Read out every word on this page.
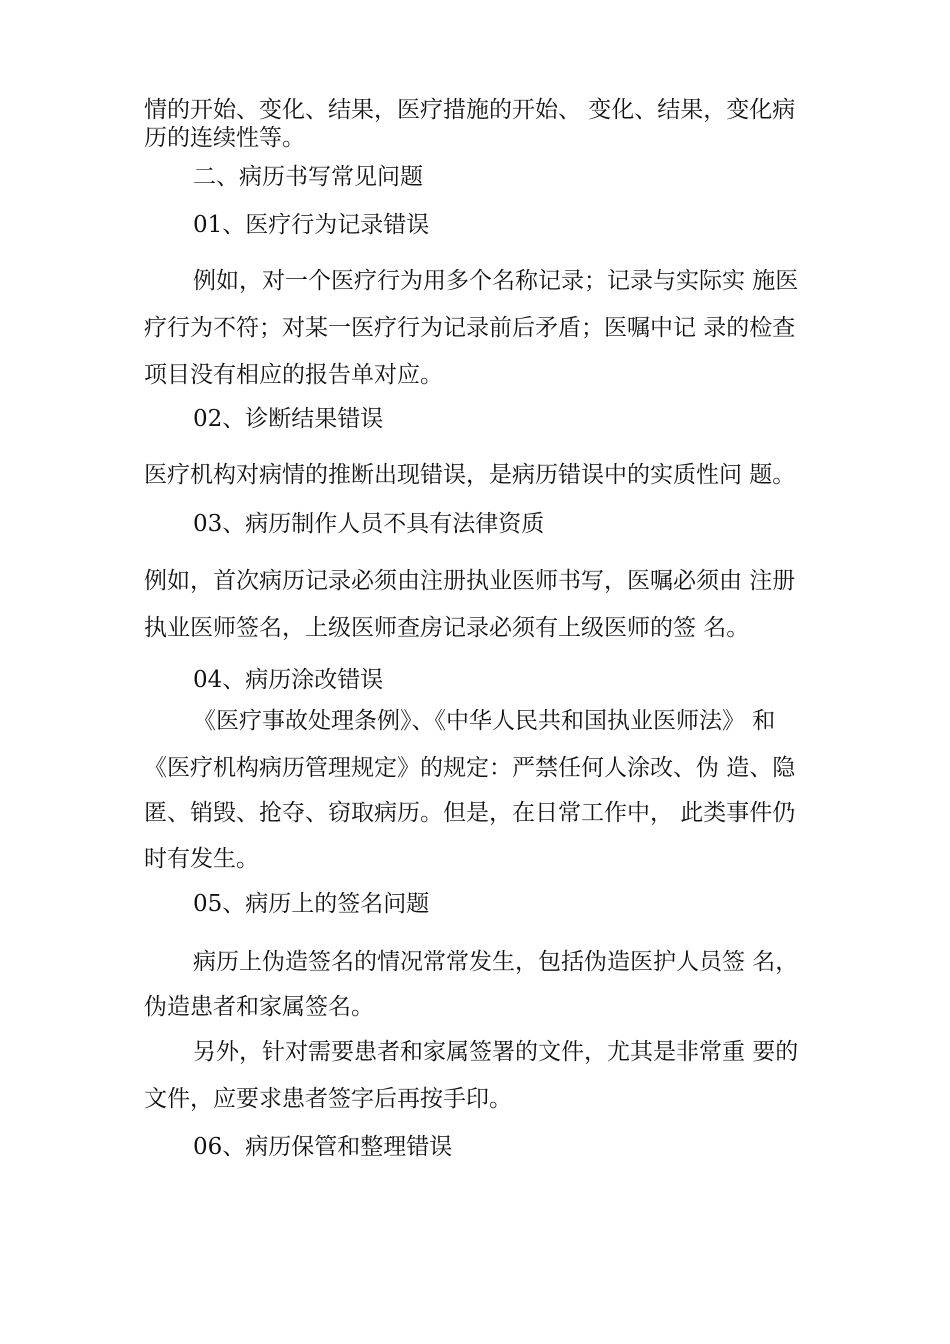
情的开始、变化、结果，医疗措施的开始、 变化、结果，变化病
历的连续性等。
二、病历书写常见问题
01、医疗行为记录错误
例如，对一个医疗行为用多个名称记录；记录与实际实 施医
疗行为不符；对某一医疗行为记录前后矛盾；医嘱中记 录的检查
项目没有相应的报告单对应。
02、诊断结果错误
医疗机构对病情的推断出现错误，是病历错误中的实质性问 题。
03、病历制作人员不具有法律资质
例如，首次病历记录必须由注册执业医师书写，医嘱必须由 注册
执业医师签名，上级医师查房记录必须有上级医师的签 名。
04、病历涂改错误
《医疗事故处理条例》、《中华人民共和国执业医师法》 和
《医疗机构病历管理规定》的规定：严禁任何人涂改、伪 造、隐
匿、销毁、抢夺、窃取病历。但是，在日常工作中， 此类事件仍
时有发生。
05、病历上的签名问题
病历上伪造签名的情况常常发生，包括伪造医护人员签 名，
伪造患者和家属签名。
另外，针对需要患者和家属签署的文件，尤其是非常重 要的
文件，应要求患者签字后再按手印。
06、病历保管和整理错误
